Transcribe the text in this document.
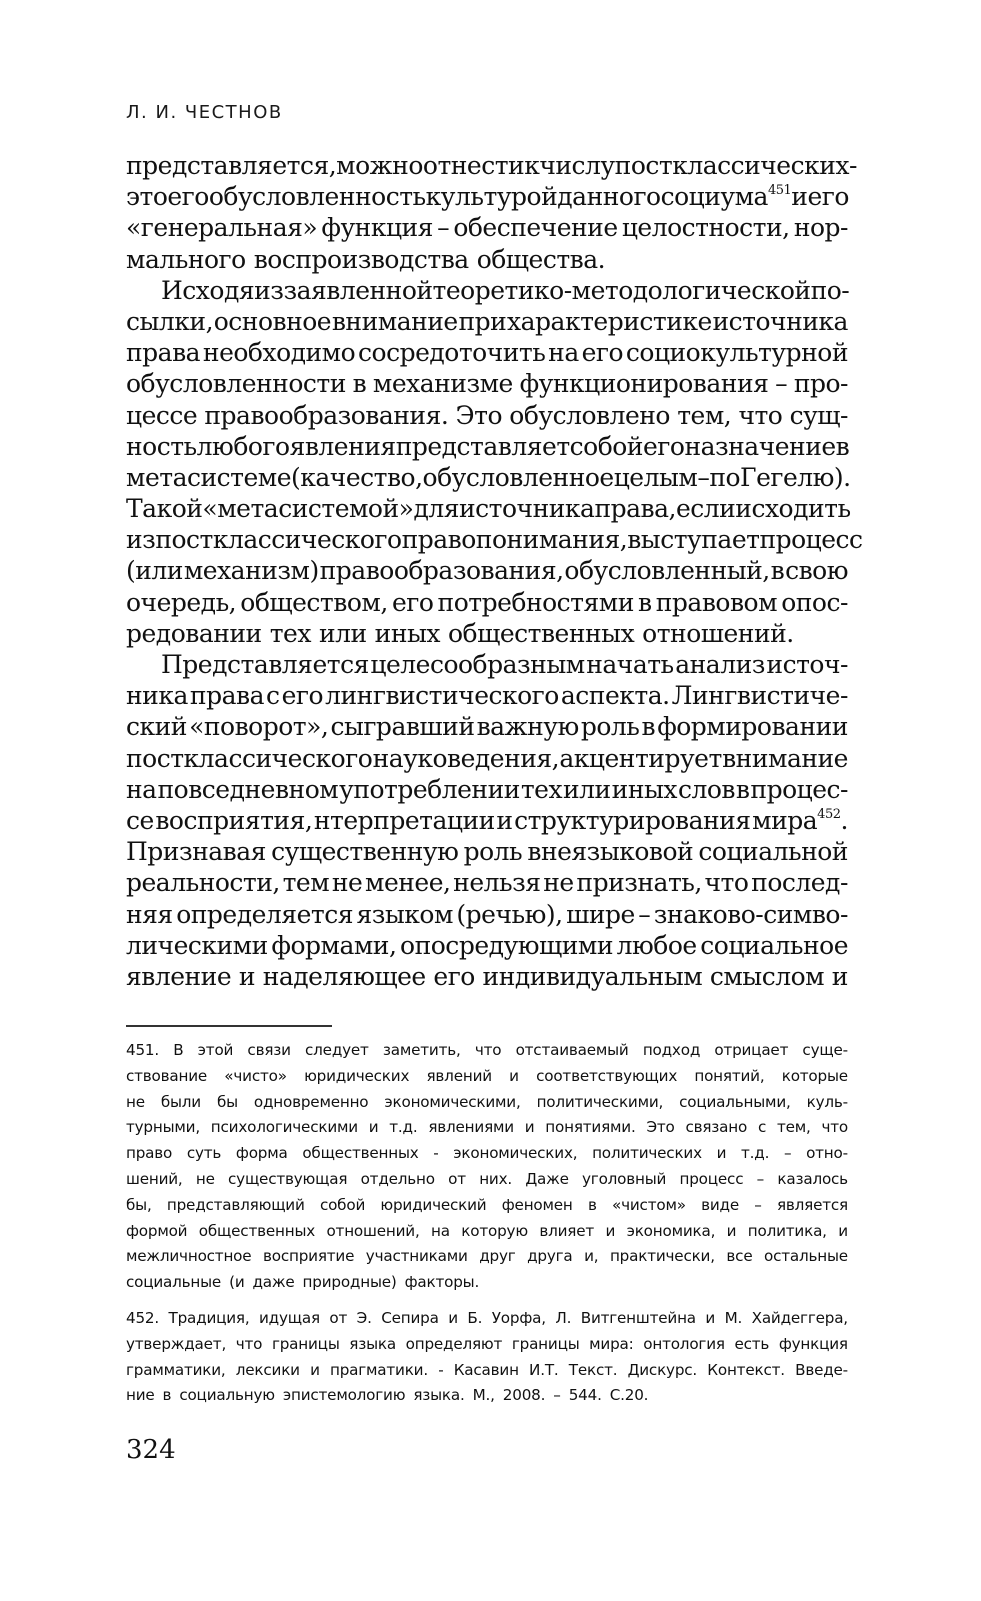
Л. И. ЧЕСТНОВ
представляется, можно отнести к числу постклассических -
это его обусловленность культурой данного социума$^{451}$ и его
«генеральная» функция – обеспечение целостности, нор-
мального воспроизводства общества.
Исходя из заявленной теоретико-методологической по-
сылки, основное внимание при характеристике источника
права необходимо сосредоточить на его социокультурной
обусловленности в механизме функционирования – про-
цессе правообразования. Это обусловлено тем, что сущ-
ность любого явления представляет собой его назначение в
метасистеме (качество, обусловленное целым – по Гегелю).
Такой «метасистемой» для источника права, если исходить
из постклассического правопонимания, выступает процесс
(или механизм) правообразования, обусловленный, в свою
очередь, обществом, его потребностями в правовом опос-
редовании тех или иных общественных отношений.
Представляется целесообразным начать анализ источ-
ника права с его лингвистического аспекта. Лингвистиче-
ский «поворот», сыгравший важную роль в формировании
постклассического науковедения, акцентирует внимание
на повседневном употреблении тех или иных слов в процес-
се восприятия, нтерпретации и структурирования мира$^{452}$.
Признавая существенную роль внеязыковой социальной
реальности, тем не менее, нельзя не признать, что послед-
няя определяется языком (речью), шире – знаково-симво-
лическими формами, опосредующими любое социальное
явление и наделяющее его индивидуальным смыслом и
451. В этой связи следует заметить, что отстаиваемый подход отрицает суще-
ствование «чисто» юридических явлений и соответствующих понятий, которые
не были бы одновременно экономическими, политическими, социальными, куль-
турными, психологическими и т.д. явлениями и понятиями. Это связано с тем, что
право суть форма общественных - экономических, политических и т.д. – отно-
шений, не существующая отдельно от них. Даже уголовный процесс – казалось
бы, представляющий собой юридический феномен в «чистом» виде – является
формой общественных отношений, на которую влияет и экономика, и политика, и
межличностное восприятие участниками друг друга и, практически, все остальные
социальные (и даже природные) факторы.
452. Традиция, идущая от Э. Сепира и Б. Уорфа, Л. Витгенштейна и М. Хайдеггера,
утверждает, что границы языка определяют границы мира: онтология есть функция
грамматики, лексики и прагматики. - Касавин И.Т. Текст. Дискурс. Контекст. Введе-
ние в социальную эпистемологию языка. М., 2008. – 544. С.20.
324
